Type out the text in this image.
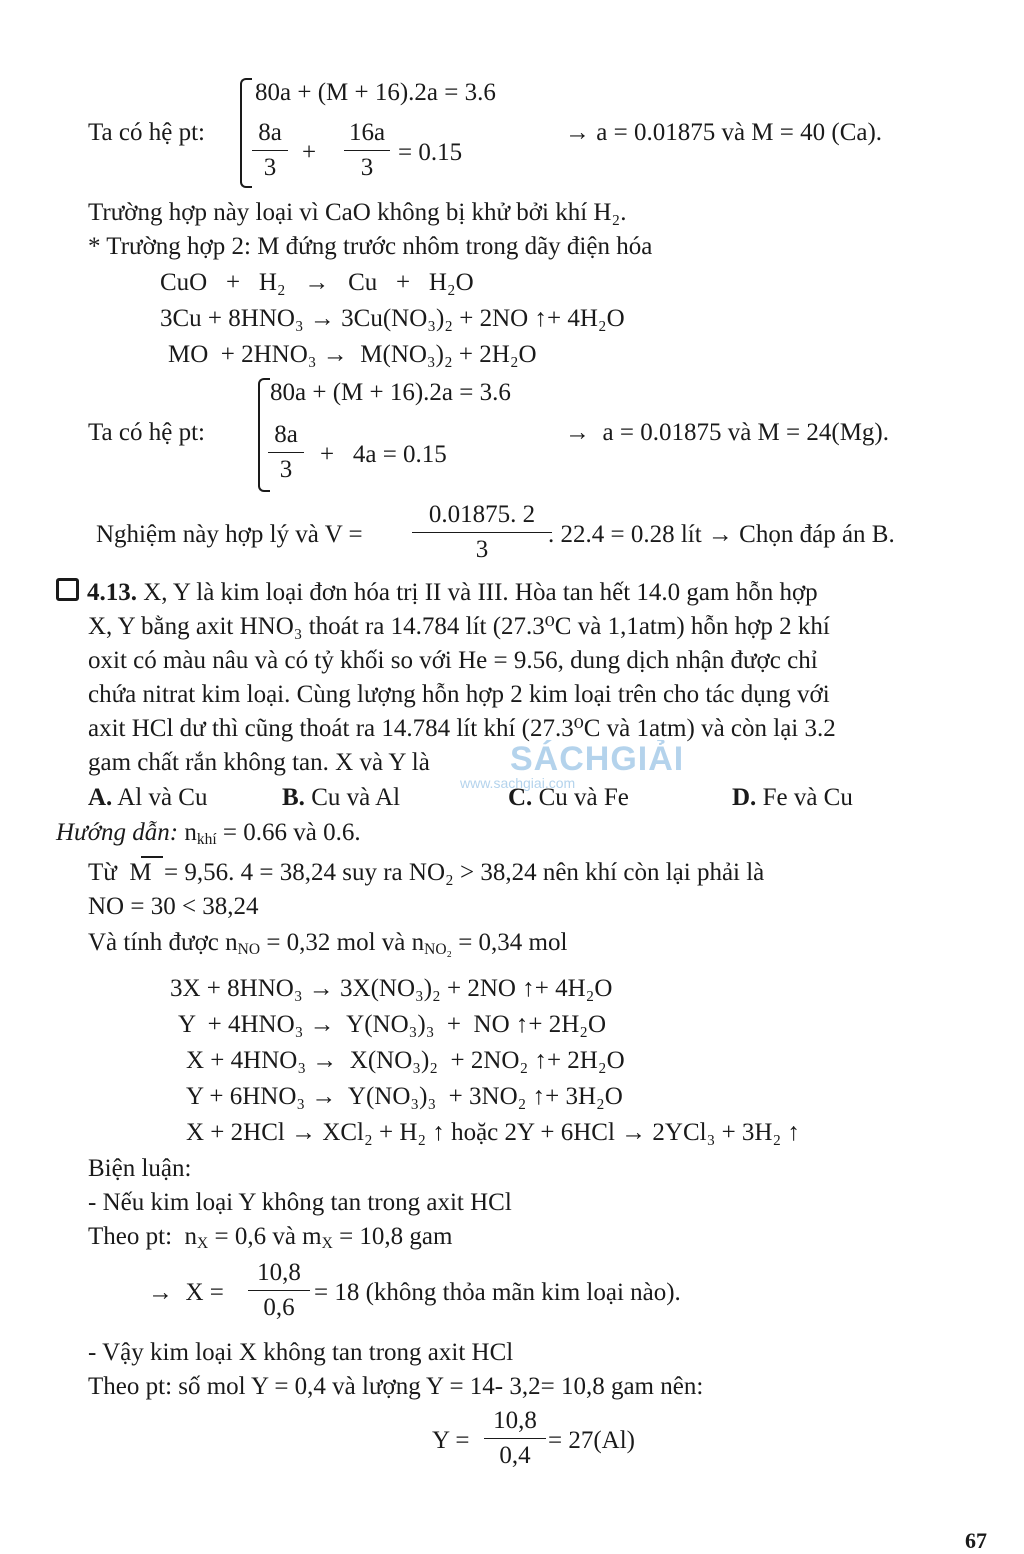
Ta có hệ pt:
80a + (M + 16).2a = 3.6
8a
3
+
16a
3
= 0.15
→ a = 0.01875 và M = 40 (Ca).
Trường hợp này loại vì CaO không bị khử bởi khí H₂.
* Trường hợp 2: M đứng trước nhôm trong dãy điện hóa
CuO   +   H₂   →   Cu   +   H₂O
3Cu + 8HNO₃ → 3Cu(NO₃)₂ + 2NO ↑+ 4H₂O
MO  + 2HNO₃ →  M(NO₃)₂ + 2H₂O
Ta có hệ pt:
80a + (M + 16).2a = 3.6
8a
3
+   4a = 0.15
→  a = 0.01875 và M = 24(Mg).
Nghiệm này hợp lý và V =
0.01875. 2
3
. 22.4 = 0.28 lít → Chọn đáp án B.
4.13. X, Y là kim loại đơn hóa trị II và III. Hòa tan hết 14.0 gam hỗn hợp
X, Y bằng axit HNO₃ thoát ra 14.784 lít (27.3⁰C và 1,1atm) hỗn hợp 2 khí
oxit có màu nâu và có tỷ khối so với He = 9.56, dung dịch nhận được chỉ
chứa nitrat kim loại. Cùng lượng hỗn hợp 2 kim loại trên cho tác dụng với
axit HCl dư thì cũng thoát ra 14.784 lít khí (27.3⁰C và 1atm) và còn lại 3.2
gam chất rắn không tan. X và Y là SÁCHGIẢI
www.sachgiai.com
A. Al và Cu	B. Cu và Al	C. Cu và Fe	D. Fe và Cu
Hướng dẫn: $n_{khí} = 0.66$ và 0.6.
Từ  M  = 9,56. 4 = 38,24 suy ra NO₂ > 38,24 nên khí còn lại phải là
NO = 30 < 38,24
Và tính được $n_{NO} = 0,32$ mol và $n_{NO_2} = 0,34$ mol
3X + 8HNO₃ → 3X(NO₃)₂ + 2NO ↑+ 4H₂O
Y  + 4HNO₃ →  Y(NO₃)₃  +  NO ↑+ 2H₂O
X + 4HNO₃ →  X(NO₃)₂  + 2NO₂ ↑+ 2H₂O
Y + 6HNO₃ →  Y(NO₃)₃  + 3NO₂ ↑+ 3H₂O
X + 2HCl → XCl₂ + H₂ ↑ hoặc 2Y + 6HCl → 2YCl₃ + 3H₂ ↑
Biện luận:
- Nếu kim loại Y không tan trong axit HCl
Theo pt:  $n_X = 0,6$ và $m_X = 10,8$ gam
→  X =
10,8
0,6
= 18 (không thỏa mãn kim loại nào).
- Vậy kim loại X không tan trong axit HCl
Theo pt: số mol Y = 0,4 và lượng Y = 14- 3,2= 10,8 gam nên:
Y =
10,8
0,4
= 27(Al)
67
